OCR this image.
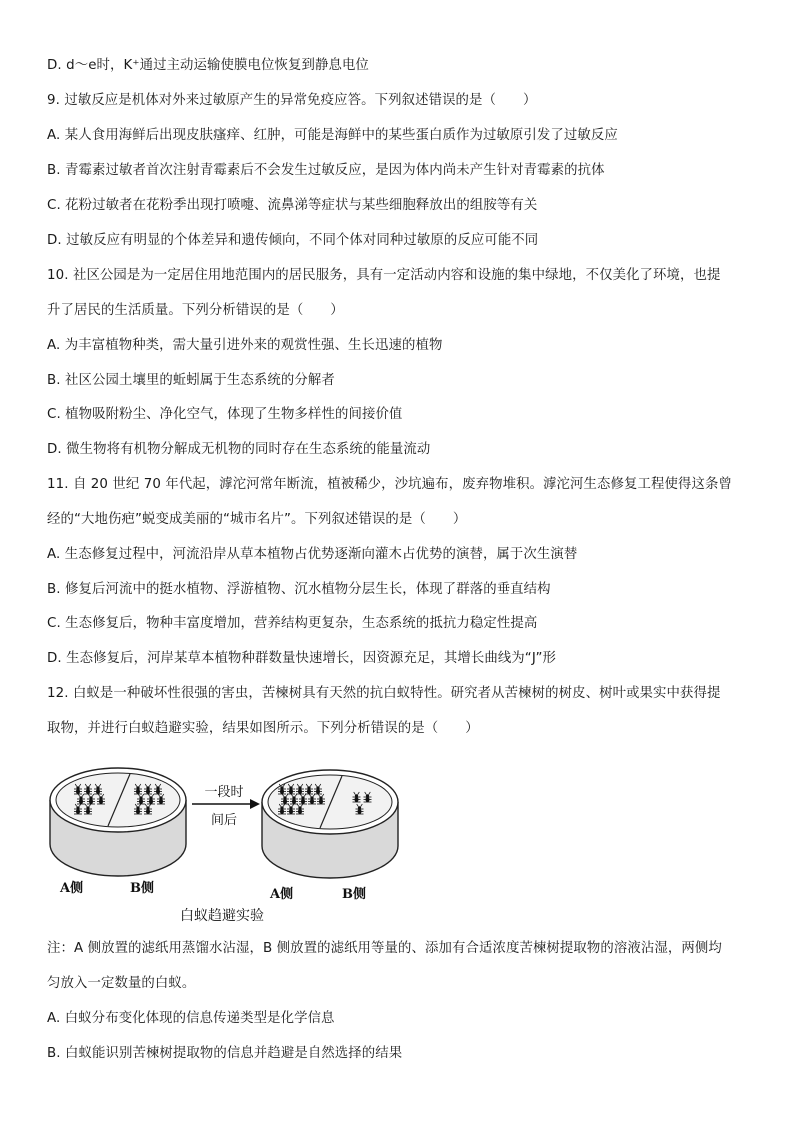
D. d～e时，K⁺通过主动运输使膜电位恢复到静息电位
9. 过敏反应是机体对外来过敏原产生的异常免疫应答。下列叙述错误的是（　　）
A. 某人食用海鲜后出现皮肤瘙痒、红肿，可能是海鲜中的某些蛋白质作为过敏原引发了过敏反应
B. 青霉素过敏者首次注射青霉素后不会发生过敏反应，是因为体内尚未产生针对青霉素的抗体
C. 花粉过敏者在花粉季出现打喷嚏、流鼻涕等症状与某些细胞释放出的组胺等有关
D. 过敏反应有明显的个体差异和遗传倾向，不同个体对同种过敏原的反应可能不同
10. 社区公园是为一定居住用地范围内的居民服务，具有一定活动内容和设施的集中绿地，不仅美化了环境，也提
升了居民的生活质量。下列分析错误的是（　　）
A. 为丰富植物种类，需大量引进外来的观赏性强、生长迅速的植物
B. 社区公园土壤里的蚯蚓属于生态系统的分解者
C. 植物吸附粉尘、净化空气，体现了生物多样性的间接价值
D. 微生物将有机物分解成无机物的同时存在生态系统的能量流动
11. 自 20 世纪 70 年代起，滹沱河常年断流，植被稀少，沙坑遍布，废弃物堆积。滹沱河生态修复工程使得这条曾
经的“大地伤疤”蜕变成美丽的“城市名片”。下列叙述错误的是（　　）
A. 生态修复过程中，河流沿岸从草本植物占优势逐渐向灌木占优势的演替，属于次生演替
B. 修复后河流中的挺水植物、浮游植物、沉水植物分层生长，体现了群落的垂直结构
C. 生态修复后，物种丰富度增加，营养结构更复杂，生态系统的抵抗力稳定性提高
D. 生态修复后，河岸某草本植物种群数量快速增长，因资源充足，其增长曲线为“J”形
12. 白蚁是一种破坏性很强的害虫，苦楝树具有天然的抗白蚁特性。研究者从苦楝树的树皮、树叶或果实中获得提
取物，并进行白蚁趋避实验，结果如图所示。下列分析错误的是（　　）
一段时
间后
A侧	B侧	A侧	B侧
白蚁趋避实验
注：A 侧放置的滤纸用蒸馏水沾湿，B 侧放置的滤纸用等量的、添加有合适浓度苦楝树提取物的溶液沾湿，两侧均
匀放入一定数量的白蚁。
A. 白蚁分布变化体现的信息传递类型是化学信息
B. 白蚁能识别苦楝树提取物的信息并趋避是自然选择的结果
